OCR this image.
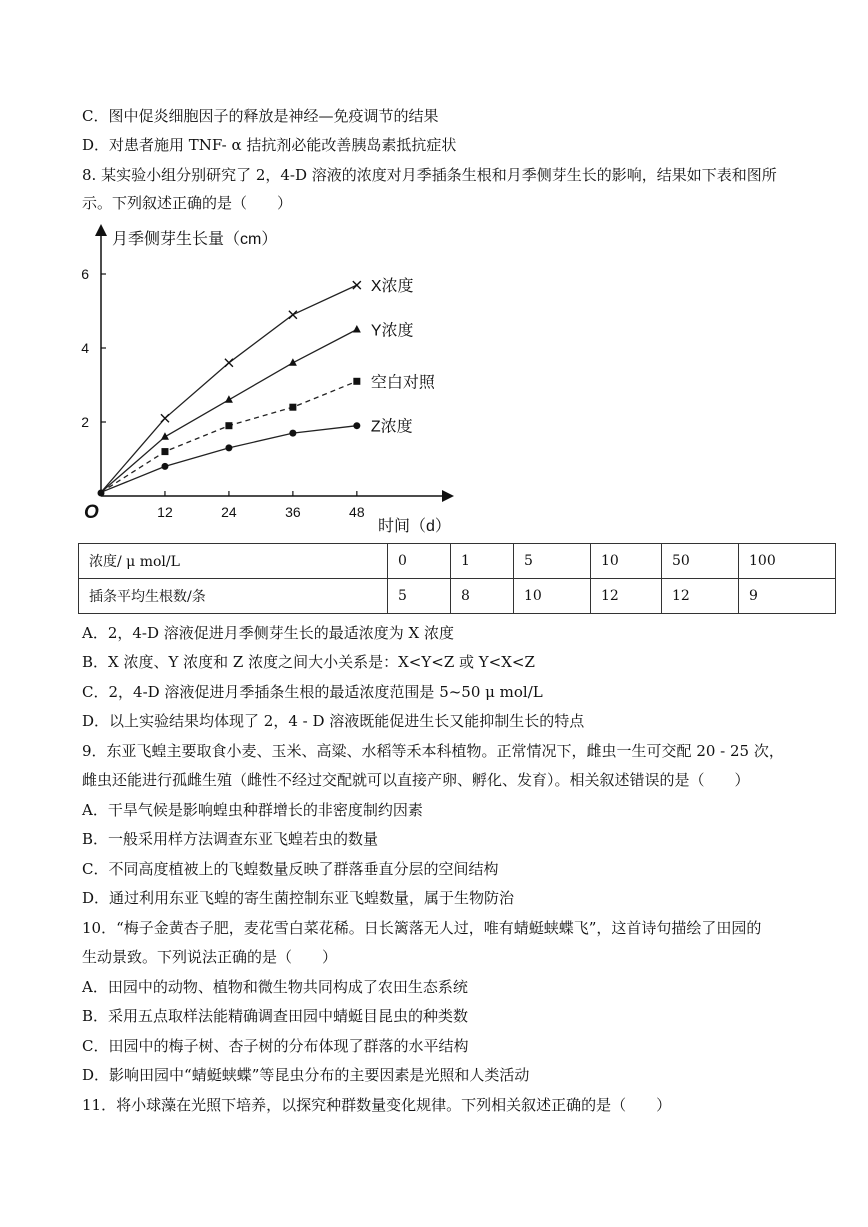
C．图中促炎细胞因子的释放是神经—免疫调节的结果
D．对患者施用 TNF- α 拮抗剂必能改善胰岛素抵抗症状
8. 某实验小组分别研究了 2，4-D 溶液的浓度对月季插条生根和月季侧芽生长的影响，结果如下表和图所
示。下列叙述正确的是（　　）
月季侧芽生长量（cm）
时间（d）
O	12	24	36	48
2
4
6
X浓度
Y浓度
空白对照
Z浓度
浓度/ μ mol/L	0	1	5	10	50	100
插条平均生根数/条	5	8	10	12	12	9
A．2，4-D 溶液促进月季侧芽生长的最适浓度为 X 浓度
B．X 浓度、Y 浓度和 Z 浓度之间大小关系是：X<Y<Z 或 Y<X<Z
C．2，4-D 溶液促进月季插条生根的最适浓度范围是 5~50 μ mol/L
D．以上实验结果均体现了 2，4 - D 溶液既能促进生长又能抑制生长的特点
9．东亚飞蝗主要取食小麦、玉米、高粱、水稻等禾本科植物。正常情况下，雌虫一生可交配 20 - 25 次，
雌虫还能进行孤雌生殖（雌性不经过交配就可以直接产卵、孵化、发育）。相关叙述错误的是（　　）
A．干旱气候是影响蝗虫种群增长的非密度制约因素
B．一般采用样方法调查东亚飞蝗若虫的数量
C．不同高度植被上的飞蝗数量反映了群落垂直分层的空间结构
D．通过利用东亚飞蝗的寄生菌控制东亚飞蝗数量，属于生物防治
10．“梅子金黄杏子肥，麦花雪白菜花稀。日长篱落无人过，唯有蜻蜓蛱蝶飞”，这首诗句描绘了田园的
生动景致。下列说法正确的是（　　）
A．田园中的动物、植物和微生物共同构成了农田生态系统
B．采用五点取样法能精确调查田园中蜻蜓目昆虫的种类数
C．田园中的梅子树、杏子树的分布体现了群落的水平结构
D．影响田园中“蜻蜓蛱蝶”等昆虫分布的主要因素是光照和人类活动
11．将小球藻在光照下培养，以探究种群数量变化规律。下列相关叙述正确的是（　　）
